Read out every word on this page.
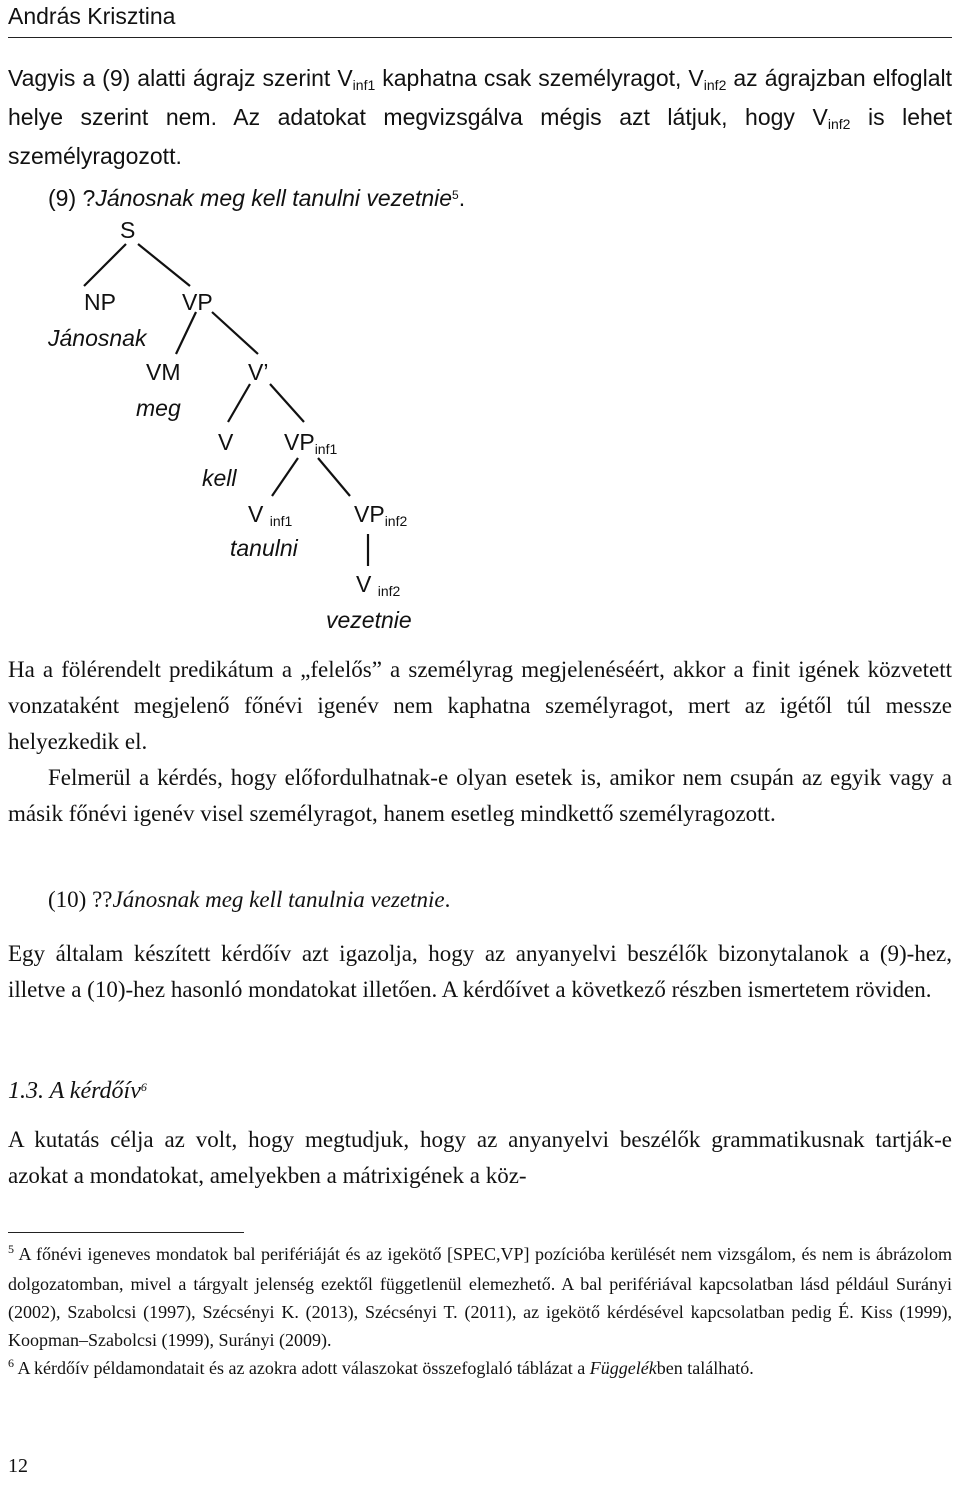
András Krisztina

Vagyis a (9) alatti ágrajz szerint $V_{inf1}$ kaphatna csak személyragot, $V_{inf2}$ az ágrajzban elfoglalt helye szerint nem. Az adatokat megvizsgálva mégis azt látjuk, hogy $V_{inf2}$ is lehet személyragozott.

(9) ?Jánosnak meg kell tanulni vezetnie$^5$.
S
NP	VP
Jánosnak
VM	V’
meg
V $VP_{inf1}$
kell
V $_{inf1}$	$VP_{inf2}$
tanulni
V $_{inf2}$
vezetnie

Ha a fölérendelt predikátum a „felelős” a személyrag megjelenéséért, akkor a finit igének közvetett vonzataként megjelenő főnévi igenév nem kaphatna személyragot, mert az igétől túl messze helyezkedik el.

Felmerül a kérdés, hogy előfordulhatnak-e olyan esetek is, amikor nem csupán az egyik vagy a másik főnévi igenév visel személyragot, hanem esetleg mindkettő személyragozott.

(10) ??Jánosnak meg kell tanulnia vezetnie.

Egy általam készített kérdőív azt igazolja, hogy az anyanyelvi beszélők bizonytalanok a (9)-hez, illetve a (10)-hez hasonló mondatokat illetően. A kérdőívet a következő részben ismertetem röviden.

1.3. A kérdőív$^6$

A kutatás célja az volt, hogy megtudjuk, hogy az anyanyelvi beszélők grammatikusnak tartják-e azokat a mondatokat, amelyekben a mátrixigének a köz-

$^5$ A főnévi igeneves mondatok bal perifériáját és az igekötő [SPEC,VP] pozícióba kerülését nem vizsgálom, és nem is ábrázolom dolgozatomban, mivel a tárgyalt jelenség ezektől függetlenül elemezhető. A bal perifériával kapcsolatban lásd például Surányi (2002), Szabolcsi (1997), Szécsényi K. (2013), Szécsényi T. (2011), az igekötő kérdésével kapcsolatban pedig É. Kiss (1999), Koopman–Szabolcsi (1999), Surányi (2009).

$^6$ A kérdőív példamondatait és az azokra adott válaszokat összefoglaló táblázat a Függelékben található.

12
